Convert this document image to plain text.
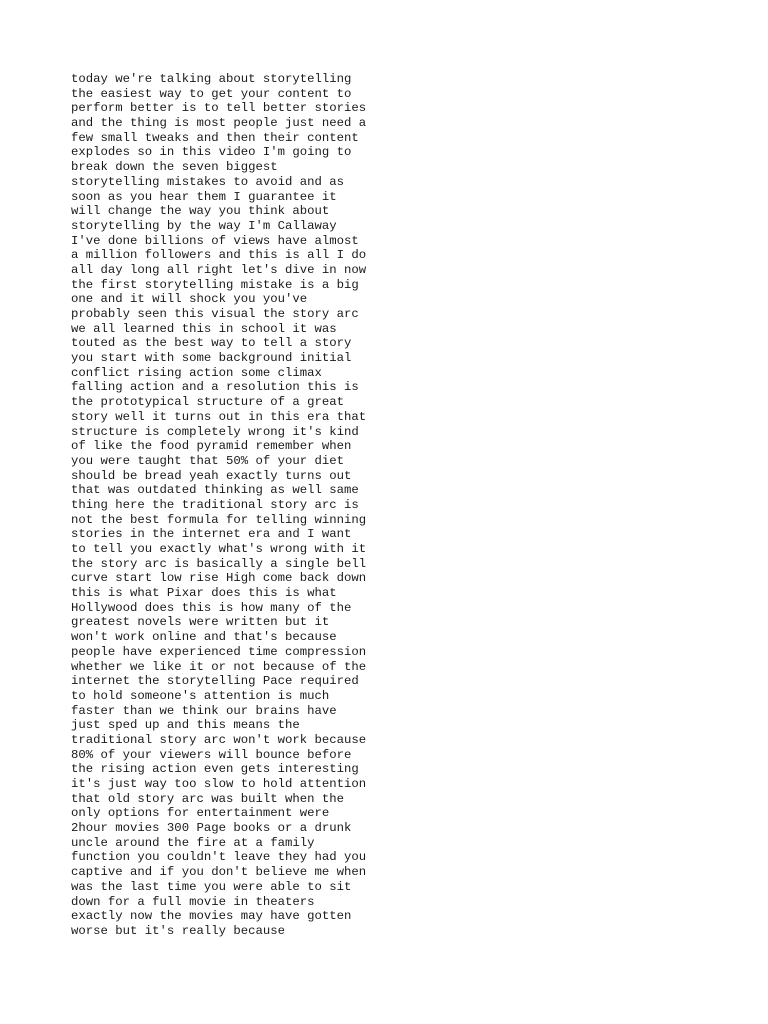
today we're talking about storytelling
the easiest way to get your content to
perform better is to tell better stories
and the thing is most people just need a
few small tweaks and then their content
explodes so in this video I'm going to
break down the seven biggest
storytelling mistakes to avoid and as
soon as you hear them I guarantee it
will change the way you think about
storytelling by the way I'm Callaway
I've done billions of views have almost
a million followers and this is all I do
all day long all right let's dive in now
the first storytelling mistake is a big
one and it will shock you you've
probably seen this visual the story arc
we all learned this in school it was
touted as the best way to tell a story
you start with some background initial
conflict rising action some climax
falling action and a resolution this is
the prototypical structure of a great
story well it turns out in this era that
structure is completely wrong it's kind
of like the food pyramid remember when
you were taught that 50% of your diet
should be bread yeah exactly turns out
that was outdated thinking as well same
thing here the traditional story arc is
not the best formula for telling winning
stories in the internet era and I want
to tell you exactly what's wrong with it
the story arc is basically a single bell
curve start low rise High come back down
this is what Pixar does this is what
Hollywood does this is how many of the
greatest novels were written but it
won't work online and that's because
people have experienced time compression
whether we like it or not because of the
internet the storytelling Pace required
to hold someone's attention is much
faster than we think our brains have
just sped up and this means the
traditional story arc won't work because
80% of your viewers will bounce before
the rising action even gets interesting
it's just way too slow to hold attention
that old story arc was built when the
only options for entertainment were
2hour movies 300 Page books or a drunk
uncle around the fire at a family
function you couldn't leave they had you
captive and if you don't believe me when
was the last time you were able to sit
down for a full movie in theaters
exactly now the movies may have gotten
worse but it's really because
